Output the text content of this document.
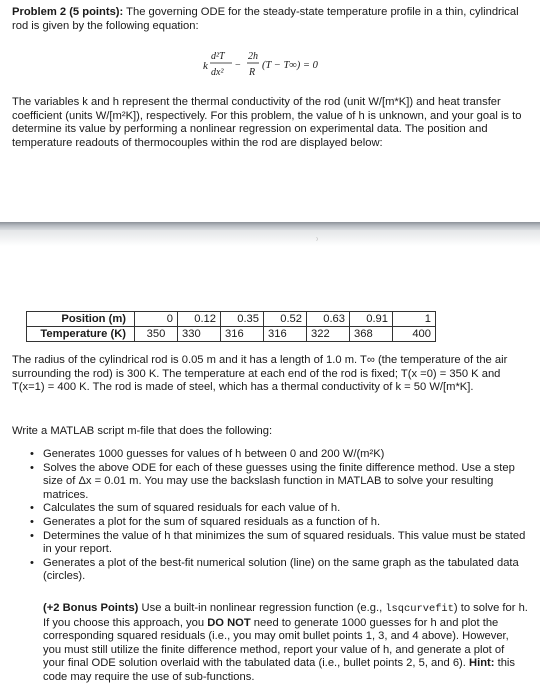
Problem 2 (5 points): The governing ODE for the steady-state temperature profile in a thin, cylindrical rod is given by the following equation:

k
d²T
dx²
−
2h
R
(T − T∞) = 0

The variables k and h represent the thermal conductivity of the rod (unit W/[m*K]) and heat transfer coefficient (units W/[m²K]), respectively. For this problem, the value of h is unknown, and your goal is to determine its value by performing a nonlinear regression on experimental data. The position and temperature readouts of thermocouples within the rod are displayed below:

⁾
Position (m)	0	0.12	0.35	0.52	0.63	0.91	1
Temperature (K)	350	330	316	316	322	368	400

The radius of the cylindrical rod is 0.05 m and it has a length of 1.0 m. T∞ (the temperature of the air surrounding the rod) is 300 K. The temperature at each end of the rod is fixed; T(x =0) = 350 K and T(x=1) = 400 K. The rod is made of steel, which has a thermal conductivity of k = 50 W/[m*K].

Write a MATLAB script m-file that does the following:

• Generates 1000 guesses for values of h between 0 and 200 W/(m²K)
• Solves the above ODE for each of these guesses using the finite difference method. Use a step size of Δx = 0.01 m. You may use the backslash function in MATLAB to solve your resulting matrices.
• Calculates the sum of squared residuals for each value of h.
• Generates a plot for the sum of squared residuals as a function of h.
• Determines the value of h that minimizes the sum of squared residuals. This value must be stated in your report.
• Generates a plot of the best-fit numerical solution (line) on the same graph as the tabulated data (circles).

(+2 Bonus Points) Use a built-in nonlinear regression function (e.g., lsqcurvefit) to solve for h. If you choose this approach, you DO NOT need to generate 1000 guesses for h and plot the corresponding squared residuals (i.e., you may omit bullet points 1, 3, and 4 above). However, you must still utilize the finite difference method, report your value of h, and generate a plot of your final ODE solution overlaid with the tabulated data (i.e., bullet points 2, 5, and 6). Hint: this code may require the use of sub-functions.
